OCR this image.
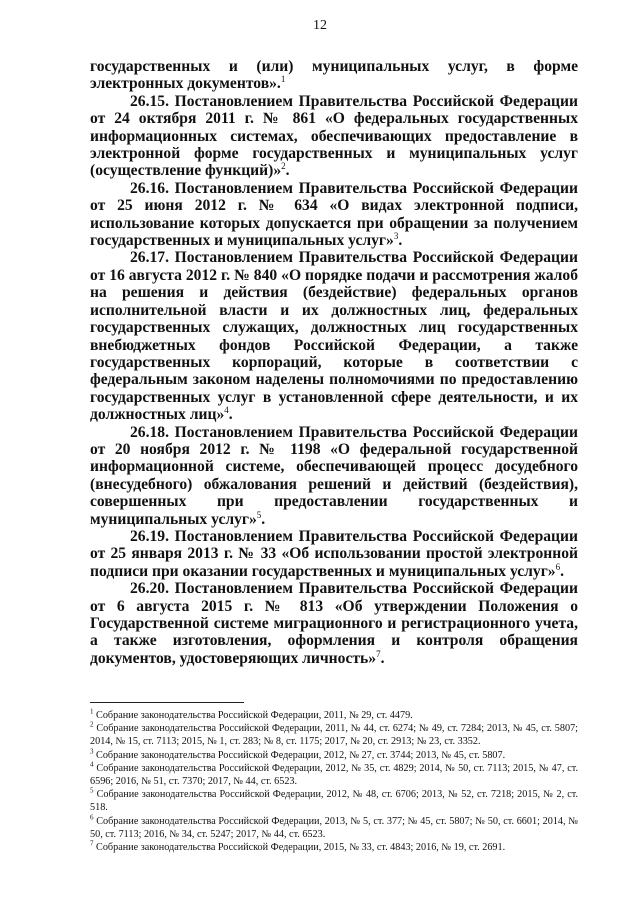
12

государственных и (или) муниципальных услуг, в форме электронных документов».$^1$

26.15. Постановлением Правительства Российской Федерации от 24 октября 2011 г. № 861 «О федеральных государственных информационных системах, обеспечивающих предоставление в электронной форме государственных и муниципальных услуг (осуществление функций)»$^2$.

26.16. Постановлением Правительства Российской Федерации от 25 июня 2012 г. № 634 «О видах электронной подписи, использование которых допускается при обращении за получением государственных и муниципальных услуг»$^3$.

26.17. Постановлением Правительства Российской Федерации от 16 августа 2012 г. № 840 «О порядке подачи и рассмотрения жалоб на решения и действия (бездействие) федеральных органов исполнительной власти и их должностных лиц, федеральных государственных служащих, должностных лиц государственных внебюджетных фондов Российской Федерации, а также государственных корпораций, которые в соответствии с федеральным законом наделены полномочиями по предоставлению государственных услуг в установленной сфере деятельности, и их должностных лиц»$^4$.

26.18. Постановлением Правительства Российской Федерации от 20 ноября 2012 г. № 1198 «О федеральной государственной информационной системе, обеспечивающей процесс досудебного (внесудебного) обжалования решений и действий (бездействия), совершенных при предоставлении государственных и муниципальных услуг»$^5$.

26.19. Постановлением Правительства Российской Федерации от 25 января 2013 г. № 33 «Об использовании простой электронной подписи при оказании государственных и муниципальных услуг»$^6$.

26.20. Постановлением Правительства Российской Федерации от 6 августа 2015 г. № 813 «Об утверждении Положения о Государственной системе миграционного и регистрационного учета, а также изготовления, оформления и контроля обращения документов, удостоверяющих личность»$^7$.

$^1$ Собрание законодательства Российской Федерации, 2011, № 29, ст. 4479.

$^2$ Собрание законодательства Российской Федерации, 2011, № 44, ст. 6274; № 49, ст. 7284; 2013, № 45, ст. 5807; 2014, № 15, ст. 7113; 2015, № 1, ст. 283; № 8, ст. 1175; 2017, № 20, ст. 2913; № 23, ст. 3352.

$^3$ Собрание законодательства Российской Федерации, 2012, № 27, ст. 3744; 2013, № 45, ст. 5807.

$^4$ Собрание законодательства Российской Федерации, 2012, № 35, ст. 4829; 2014, № 50, ст. 7113; 2015, № 47, ст. 6596; 2016, № 51, ст. 7370; 2017, № 44, ст. 6523.

$^5$ Собрание законодательства Российской Федерации, 2012, № 48, ст. 6706; 2013, № 52, ст. 7218; 2015, № 2, ст. 518.

$^6$ Собрание законодательства Российской Федерации, 2013, № 5, ст. 377; № 45, ст. 5807; № 50, ст. 6601; 2014, № 50, ст. 7113; 2016, № 34, ст. 5247; 2017, № 44, ст. 6523.

$^7$ Собрание законодательства Российской Федерации, 2015, № 33, ст. 4843; 2016, № 19, ст. 2691.
